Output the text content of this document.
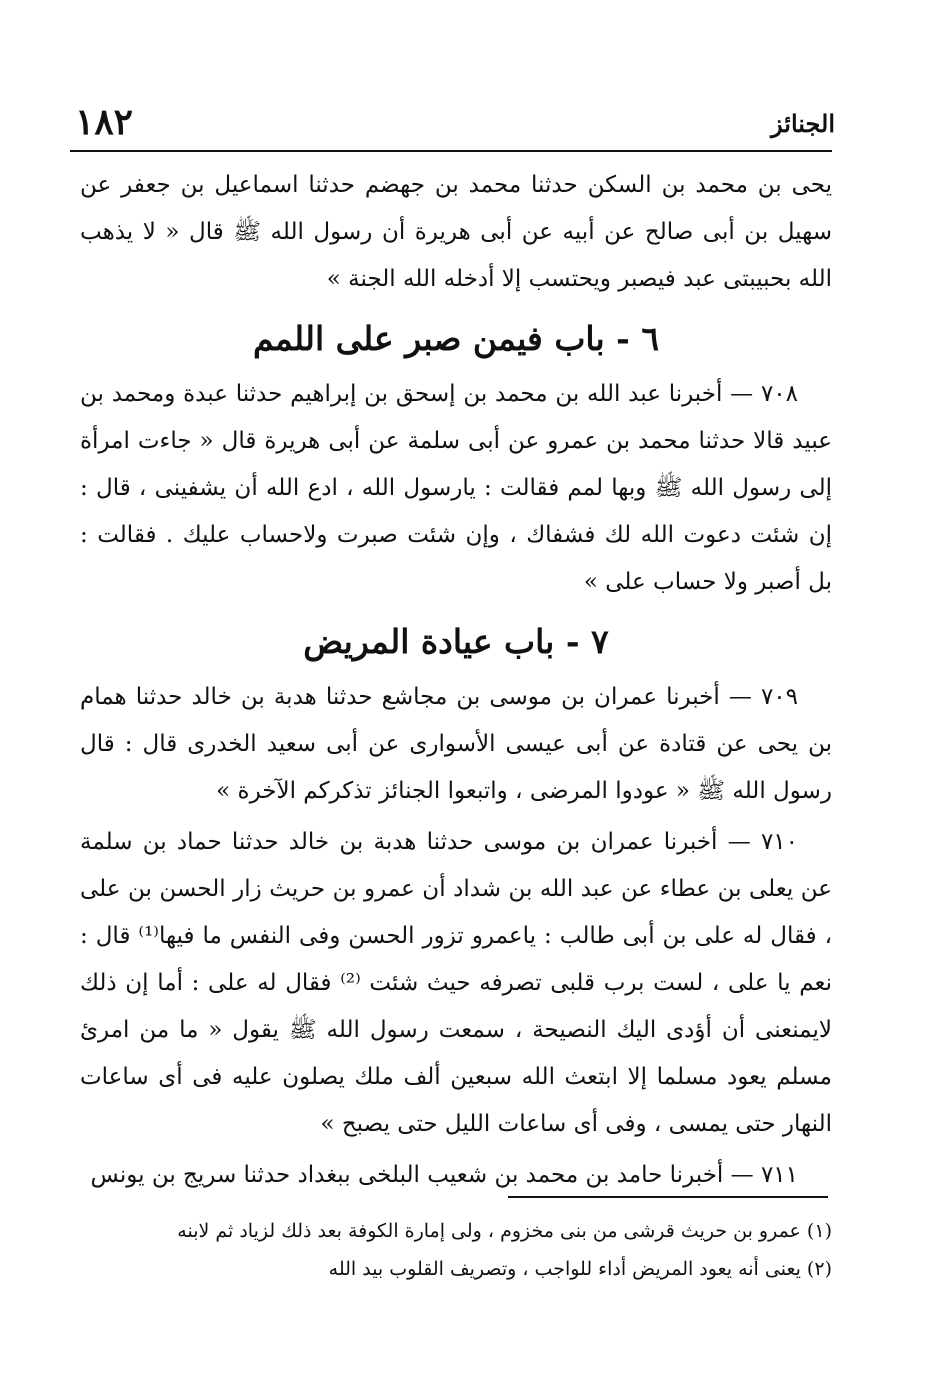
الجنائز
١٨٢

يحى بن محمد بن السكن حدثنا محمد بن جهضم حدثنا اسماعيل بن جعفر عن سهيل بن أبى صالح عن أبيه عن أبى هريرة أن رسول الله ﷺ قال « لا يذهب الله بحبيبتى عبد فيصبر ويحتسب إلا أدخله الله الجنة »

٦ - باب فيمن صبر على اللمم

٧٠٨ — أخبرنا عبد الله بن محمد بن إسحق بن إبراهيم حدثنا عبدة ومحمد بن عبيد قالا حدثنا محمد بن عمرو عن أبى سلمة عن أبى هريرة قال « جاءت امرأة إلى رسول الله ﷺ وبها لمم فقالت : يارسول الله ، ادع الله أن يشفينى ، قال : إن شئت دعوت الله لك فشفاك ، وإن شئت صبرت ولاحساب عليك . فقالت : بل أصبر ولا حساب على »

٧ - باب عيادة المريض

٧٠٩ — أخبرنا عمران بن موسى بن مجاشع حدثنا هدبة بن خالد حدثنا همام بن يحى عن قتادة عن أبى عيسى الأسوارى عن أبى سعيد الخدرى قال : قال رسول الله ﷺ « عودوا المرضى ، واتبعوا الجنائز تذكركم الآخرة »

٧١٠ — أخبرنا عمران بن موسى حدثنا هدبة بن خالد حدثنا حماد بن سلمة عن يعلى بن عطاء عن عبد الله بن شداد أن عمرو بن حريث زار الحسن بن على ، فقال له على بن أبى طالب : ياعمرو تزور الحسن وفى النفس ما فيها⁽¹⁾ قال : نعم يا على ، لست برب قلبى تصرفه حيث شئت ⁽²⁾ فقال له على : أما إن ذلك لايمنعنى أن أؤدى اليك النصيحة ، سمعت رسول الله ﷺ يقول « ما من امرئ مسلم يعود مسلما إلا ابتعث الله سبعين ألف ملك يصلون عليه فى أى ساعات النهار حتى يمسى ، وفى أى ساعات الليل حتى يصبح »

٧١١ — أخبرنا حامد بن محمد بن شعيب البلخى ببغداد حدثنا سريج بن يونس

(١) عمرو بن حريث قرشى من بنى مخزوم ، ولى إمارة الكوفة بعد ذلك لزياد ثم لابنه

(٢) يعنى أنه يعود المريض أداء للواجب ، وتصريف القلوب بيد الله
